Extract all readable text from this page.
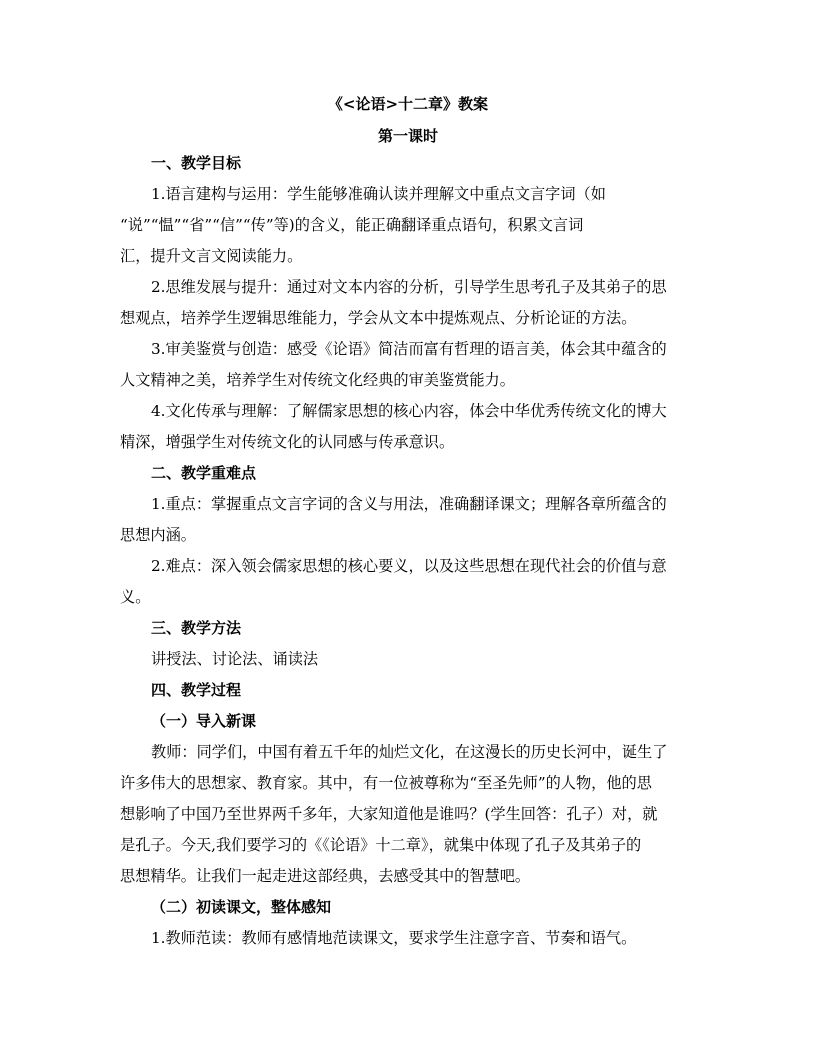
《<论语>十二章》教案
第一课时
一、教学目标
1.语言建构与运用：学生能够准确认读并理解文中重点文言字词（如
“说”“愠”“省”“信”“传”等)的含义，能正确翻译重点语句，积累文言词
汇，提升文言文阅读能力。
2.思维发展与提升：通过对文本内容的分析，引导学生思考孔子及其弟子的思
想观点，培养学生逻辑思维能力，学会从文本中提炼观点、分析论证的方法。
3.审美鉴赏与创造：感受《论语》简洁而富有哲理的语言美，体会其中蕴含的
人文精神之美，培养学生对传统文化经典的审美鉴赏能力。
4.文化传承与理解：了解儒家思想的核心内容，体会中华优秀传统文化的博大
精深，增强学生对传统文化的认同感与传承意识。
二、教学重难点
1.重点：掌握重点文言字词的含义与用法，准确翻译课文；理解各章所蕴含的
思想内涵。
2.难点：深入领会儒家思想的核心要义，以及这些思想在现代社会的价值与意
义。
三、教学方法
讲授法、讨论法、诵读法
四、教学过程
（一）导入新课
教师：同学们，中国有着五千年的灿烂文化，在这漫长的历史长河中，诞生了
许多伟大的思想家、教育家。其中，有一位被尊称为“至圣先师”的人物，他的思
想影响了中国乃至世界两千多年，大家知道他是谁吗？(学生回答：孔子）对，就
是孔子。今天,我们要学习的《《论语》十二章》，就集中体现了孔子及其弟子的
思想精华。让我们一起走进这部经典，去感受其中的智慧吧。
（二）初读课文，整体感知
1.教师范读：教师有感情地范读课文，要求学生注意字音、节奏和语气。
